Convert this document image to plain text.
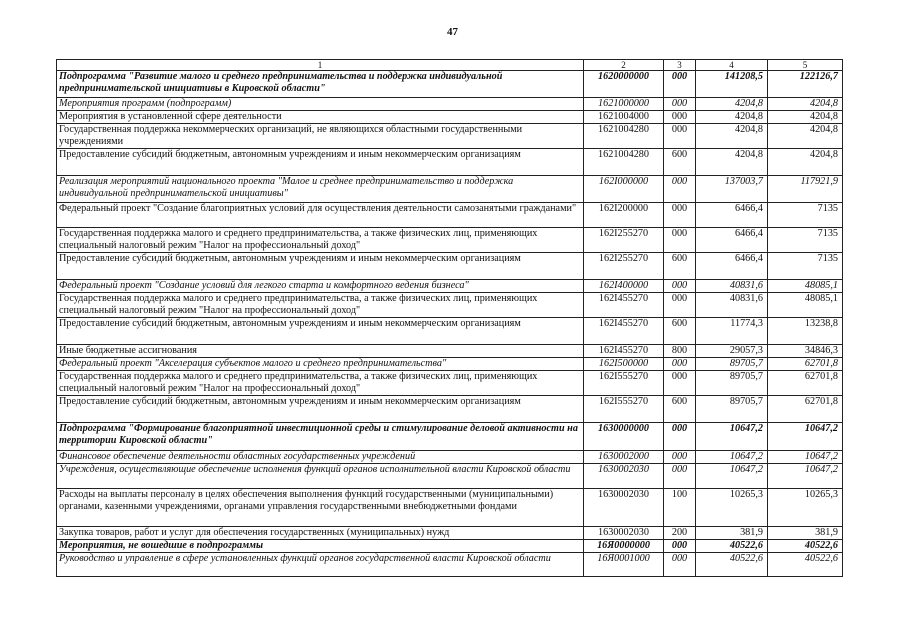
47
1	2	3	4	5
Подпрограмма "Развитие малого и среднего предпринимательства и поддержка индивидуальной предпринимательской инициативы в Кировской области"	1620000000	000	141208,5	122126,7
Мероприятия программ (подпрограмм)	1621000000	000	4204,8	4204,8
Мероприятия в установленной сфере деятельности	1621004000	000	4204,8	4204,8
Государственная поддержка некоммерческих организаций, не являющихся областными государственными учреждениями	1621004280	000	4204,8	4204,8
Предоставление субсидий бюджетным, автономным учреждениям и иным некоммерческим организациям	1621004280	600	4204,8	4204,8
Реализация мероприятий национального проекта "Малое и среднее предпринимательство и поддержка индивидуальной предпринимательской инициативы"	162I000000	000	137003,7	117921,9
Федеральный проект "Создание благоприятных условий для осуществления деятельности самозанятыми гражданами"	162I200000	000	6466,4	7135
Государственная поддержка малого и среднего предпринимательства, а также физических лиц, применяющих специальный налоговый режим "Налог на профессиональный доход"	162I255270	000	6466,4	7135
Предоставление субсидий бюджетным, автономным учреждениям и иным некоммерческим организациям	162I255270	600	6466,4	7135
Федеральный проект "Создание условий для легкого старта и комфортного ведения бизнеса"	162I400000	000	40831,6	48085,1
Государственная поддержка малого и среднего предпринимательства, а также физических лиц, применяющих специальный налоговый режим "Налог на профессиональный доход"	162I455270	000	40831,6	48085,1
Предоставление субсидий бюджетным, автономным учреждениям и иным некоммерческим организациям	162I455270	600	11774,3	13238,8
Иные бюджетные ассигнования	162I455270	800	29057,3	34846,3
Федеральный проект "Акселерация субъектов малого и среднего предпринимательства"	162I500000	000	89705,7	62701,8
Государственная поддержка малого и среднего предпринимательства, а также физических лиц, применяющих специальный налоговый режим "Налог на профессиональный доход"	162I555270	000	89705,7	62701,8
Предоставление субсидий бюджетным, автономным учреждениям и иным некоммерческим организациям	162I555270	600	89705,7	62701,8
Подпрограмма "Формирование благоприятной инвестиционной среды и стимулирование деловой активности на территории Кировской области"	1630000000	000	10647,2	10647,2
Финансовое обеспечение деятельности областных государственных учреждений	1630002000	000	10647,2	10647,2
Учреждения, осуществляющие обеспечение исполнения функций органов исполнительной власти Кировской области	1630002030	000	10647,2	10647,2
Расходы на выплаты персоналу в целях обеспечения выполнения функций государственными (муниципальными) органами, казенными учреждениями, органами управления государственными внебюджетными фондами	1630002030	100	10265,3	10265,3
Закупка товаров, работ и услуг для обеспечения государственных (муниципальных) нужд	1630002030	200	381,9	381,9
Мероприятия, не вошедшие в подпрограммы	16Я0000000	000	40522,6	40522,6
Руководство и управление в сфере установленных функций органов государственной власти Кировской области	16Я0001000	000	40522,6	40522,6
